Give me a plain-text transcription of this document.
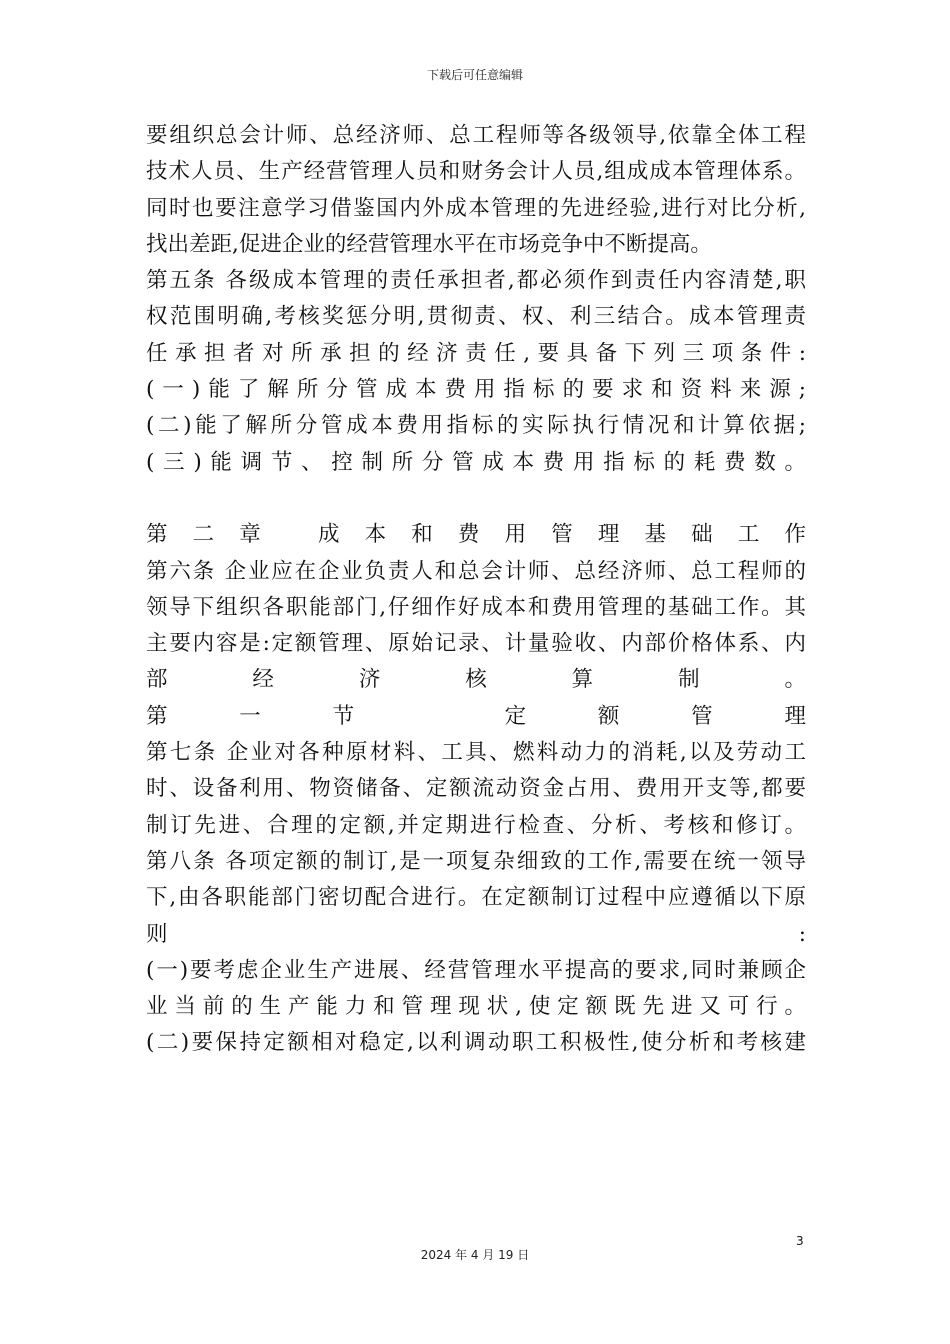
下载后可任意编辑
要组织总会计师、总经济师、总工程师等各级领导,依靠全体工程
技术人员、生产经营管理人员和财务会计人员,组成成本管理体系。
同时也要注意学习借鉴国内外成本管理的先进经验,进行对比分析,
找出差距,促进企业的经营管理水平在市场竞争中不断提高。
第五条 各级成本管理的责任承担者,都必须作到责任内容清楚,职
权范围明确,考核奖惩分明,贯彻责、权、利三结合。成本管理责
任承担者对所承担的经济责任,要具备下列三项条件:
(一)能了解所分管成本费用指标的要求和资料来源;
(二)能了解所分管成本费用指标的实际执行情况和计算依据;
(三)能调节、控制所分管成本费用指标的耗费数。
第二章 成本和费用管理基础工作
第六条 企业应在企业负责人和总会计师、总经济师、总工程师的
领导下组织各职能部门,仔细作好成本和费用管理的基础工作。其
主要内容是:定额管理、原始记录、计量验收、内部价格体系、内
部经济核算制。
第一节 定额管理
第七条 企业对各种原材料、工具、燃料动力的消耗,以及劳动工
时、设备利用、物资储备、定额流动资金占用、费用开支等,都要
制订先进、合理的定额,并定期进行检查、分析、考核和修订。
第八条 各项定额的制订,是一项复杂细致的工作,需要在统一领导
下,由各职能部门密切配合进行。在定额制订过程中应遵循以下原
则:
(一)要考虑企业生产进展、经营管理水平提高的要求,同时兼顾企
业当前的生产能力和管理现状,使定额既先进又可行。
(二)要保持定额相对稳定,以利调动职工积极性,使分析和考核建
3
2024 年 4 月 19 日
